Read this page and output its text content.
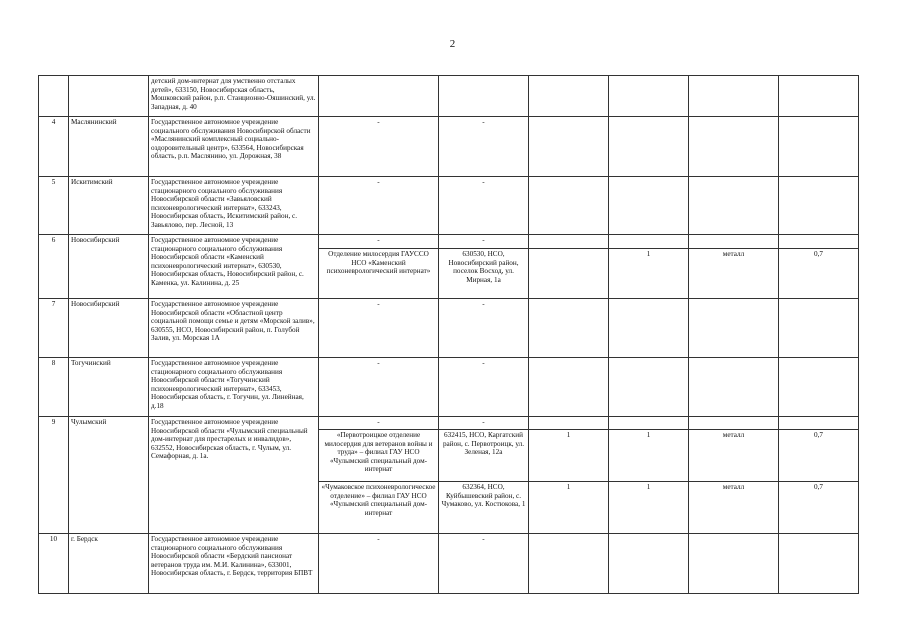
2
		детский дом-интернат для умственно отсталых детей», 633150, Новосибирская область, Мошковский район, р.п. Станционно-Ояшинский, ул. Западная, д. 40						
4	Маслянинский	Государственное автономное учреждение социального обслуживания Новосибирской области «Маслянинский комплексный социально-оздоровительный центр», 633564, Новосибирская область, р.п. Маслянино, ул. Дорожная, 38	-	-				
5	Искитимский	Государственное автономное учреждение стационарного социального обслуживания Новосибирской области «Завьяловский психоневрологический интернат», 633243, Новосибирская область, Искитимский район, с. Завьялово, пер. Лесной, 13	-	-				
6	Новосибирский	Государственное автономное учреждение стационарного социального обслуживания Новосибирской области «Каменский психоневрологический интернат», 630530, Новосибирская область, Новосибирский район, с. Каменка, ул. Калинина, д. 25	-	-				
			Отделение милосердия ГАУССО НСО «Каменский психоневрологический интернат»	630530, НСО, Новосибирский район, поселок Восход, ул. Мирная, 1а		1	металл	0,7
7	Новосибирский	Государственное автономное учреждение Новосибирской области «Областной центр социальной помощи семье и детям «Морской залив», 630555, НСО, Новосибирский район, п. Голубой Залив, ул. Морская 1А	-	-				
8	Тогучинский	Государственное автономное учреждение стационарного социального обслуживания Новосибирской области «Тогучинский психоневрологический интернат», 633453, Новосибирская область, г. Тогучин, ул. Линейная, д.18	-	-				
9	Чулымский	Государственное автономное учреждение Новосибирской области «Чулымский специальный дом-интернат для престарелых и инвалидов», 632552, Новосибирская область, г. Чулым, ул. Семафорная, д. 1а.	-	-				
			«Первотроицкое отделение милосердия для ветеранов войны и труда» – филиал ГАУ НСО «Чулымский специальный дом-интернат	632415, НСО, Каргатский район, с. Первотроицк, ул. Зеленая, 12а	1	1	металл	0,7
			«Чумаковское психоневрологическое отделение» – филиал ГАУ НСО «Чулымский специальный дом-интернат	632364, НСО, Куйбышевский район, с. Чумаково, ул. Костюкова, 1	1	1	металл	0,7
10	г. Бердск	Государственное автономное учреждение стационарного социального обслуживания Новосибирской области «Бердский пансионат ветеранов труда им. М.И. Калинина», 633001, Новосибирская область, г. Бердск, территория БПВТ	-	-				
